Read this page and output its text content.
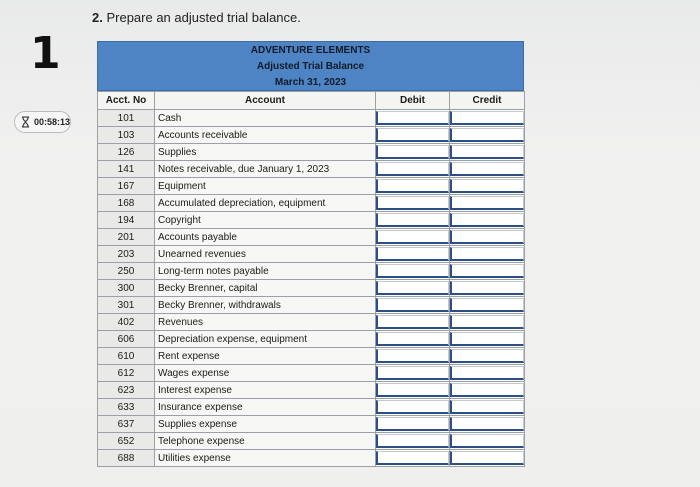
2. Prepare an adjusted trial balance.
1
00:58:13
ADVENTURE ELEMENTS
Adjusted Trial Balance
March 31, 2023
Acct. No	Account	Debit	Credit
101	Cash	

103	Accounts receivable	

126	Supplies	

141	Notes receivable, due January 1, 2023	

167	Equipment	

168	Accumulated depreciation, equipment	

194	Copyright	

201	Accounts payable	

203	Unearned revenues	

250	Long-term notes payable	

300	Becky Brenner, capital	

301	Becky Brenner, withdrawals	

402	Revenues	

606	Depreciation expense, equipment	

610	Rent expense	

612	Wages expense	

623	Interest expense	

633	Insurance expense	

637	Supplies expense	

652	Telephone expense	

688	Utilities expense	
